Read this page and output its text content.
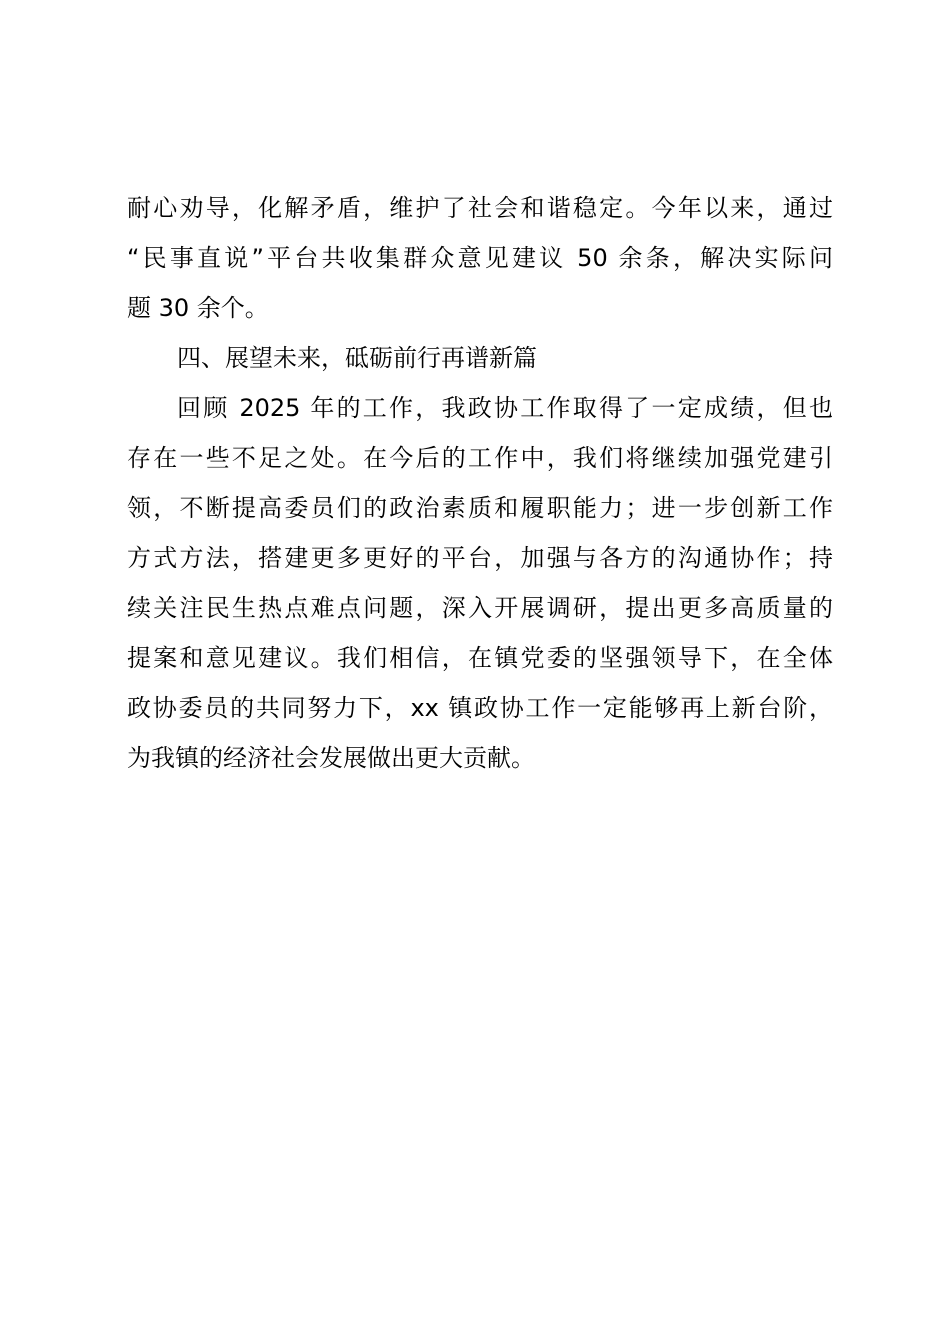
耐心劝导，化解矛盾，维护了社会和谐稳定。今年以来，通过
“民事直说”平台共收集群众意见建议 50 余条，解决实际问
题 30 余个。
四、展望未来，砥砺前行再谱新篇
回顾 2025 年的工作，我政协工作取得了一定成绩，但也
存在一些不足之处。在今后的工作中，我们将继续加强党建引
领，不断提高委员们的政治素质和履职能力；进一步创新工作
方式方法，搭建更多更好的平台，加强与各方的沟通协作；持
续关注民生热点难点问题，深入开展调研，提出更多高质量的
提案和意见建议。我们相信，在镇党委的坚强领导下，在全体
政协委员的共同努力下，xx 镇政协工作一定能够再上新台阶，
为我镇的经济社会发展做出更大贡献。
